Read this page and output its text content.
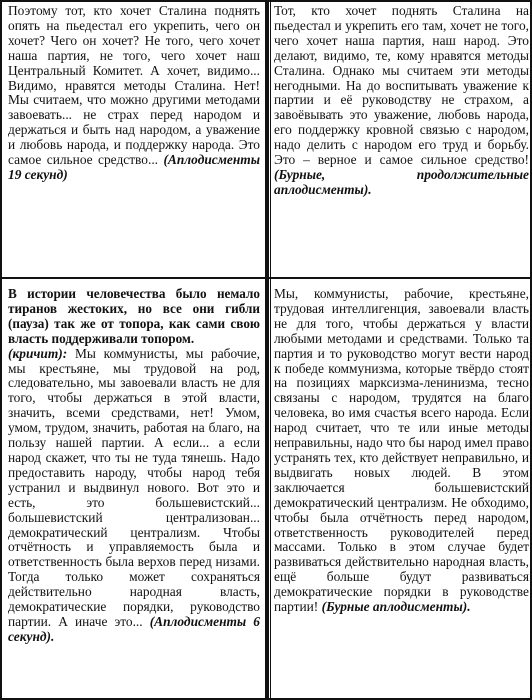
Поэтому тот, кто хочет Сталина поднять опять на пьедестал его укрепить, чего он хочет? Чего он хочет? Не того, чего хочет наша партия, не того, чего хочет наш Центральный Комитет. А хочет, видимо... Видимо, нравятся методы Сталина. Нет! Мы считаем, что можно другими методами завоевать... не страх перед народом и держаться и быть над народом, а уважение и любовь народа, и поддержку народа. Это самое сильное средство... (Аплодисменты 19 секунд)

Тот, кто хочет поднять Сталина на пьедестал и укрепить его там, хочет не того, чего хочет наша партия, наш народ. Это делают, видимо, те, кому нравятся методы Сталина. Однако мы считаем эти методы негодными. На до воспитывать уважение к партии и её руководству не страхом, а завоёвывать это уважение, любовь народа, его поддержку кровной связью с народом, надо делить с народом его труд и борьбу. Это – верное и самое сильное средство! (Бурные, продолжительные аплодисменты).

В истории человечества было немало тиранов жестоких, но все они гибли (пауза) так же от топора, как сами свою власть поддерживали топором.

(кричит): Мы коммунисты, мы рабочие, мы крестьяне, мы трудовой на род, следовательно, мы завоевали власть не для того, чтобы держаться в этой власти, значить, всеми средствами, нет! Умом, умом, трудом, значить, работая на благо, на пользу нашей партии. А если... а если народ скажет, что ты не туда тянешь. Надо предоставить народу, чтобы народ тебя устранил и выдвинул нового. Вот это и есть, это большевистский... большевистский централизован... демократический централизм. Чтобы отчётность и управляемость была и ответственность была верхов перед низами. Тогда только может сохраняться действительно народная власть, демократические порядки, руководство партии. А иначе это... (Аплодисменты 6 секунд).

Мы, коммунисты, рабочие, крестьяне, трудовая интеллигенция, завоевали власть не для того, чтобы держаться у власти любыми методами и средствами. Только та партия и то руководство могут вести народ к победе коммунизма, которые твёрдо стоят на позициях марксизма-ленинизма, тесно связаны с народом, трудятся на благо человека, во имя счастья всего народа. Если народ считает, что те или иные методы неправильны, надо что бы народ имел право устранять тех, кто действует неправильно, и выдвигать новых людей. В этом заключается большевистский демократический централизм. Не обходимо, чтобы была отчётность перед народом, ответственность руководителей перед массами. Только в этом случае будет развиваться действительно народная власть, ещё больше будут развиваться демократические порядки в руководстве партии! (Бурные аплодисменты).
